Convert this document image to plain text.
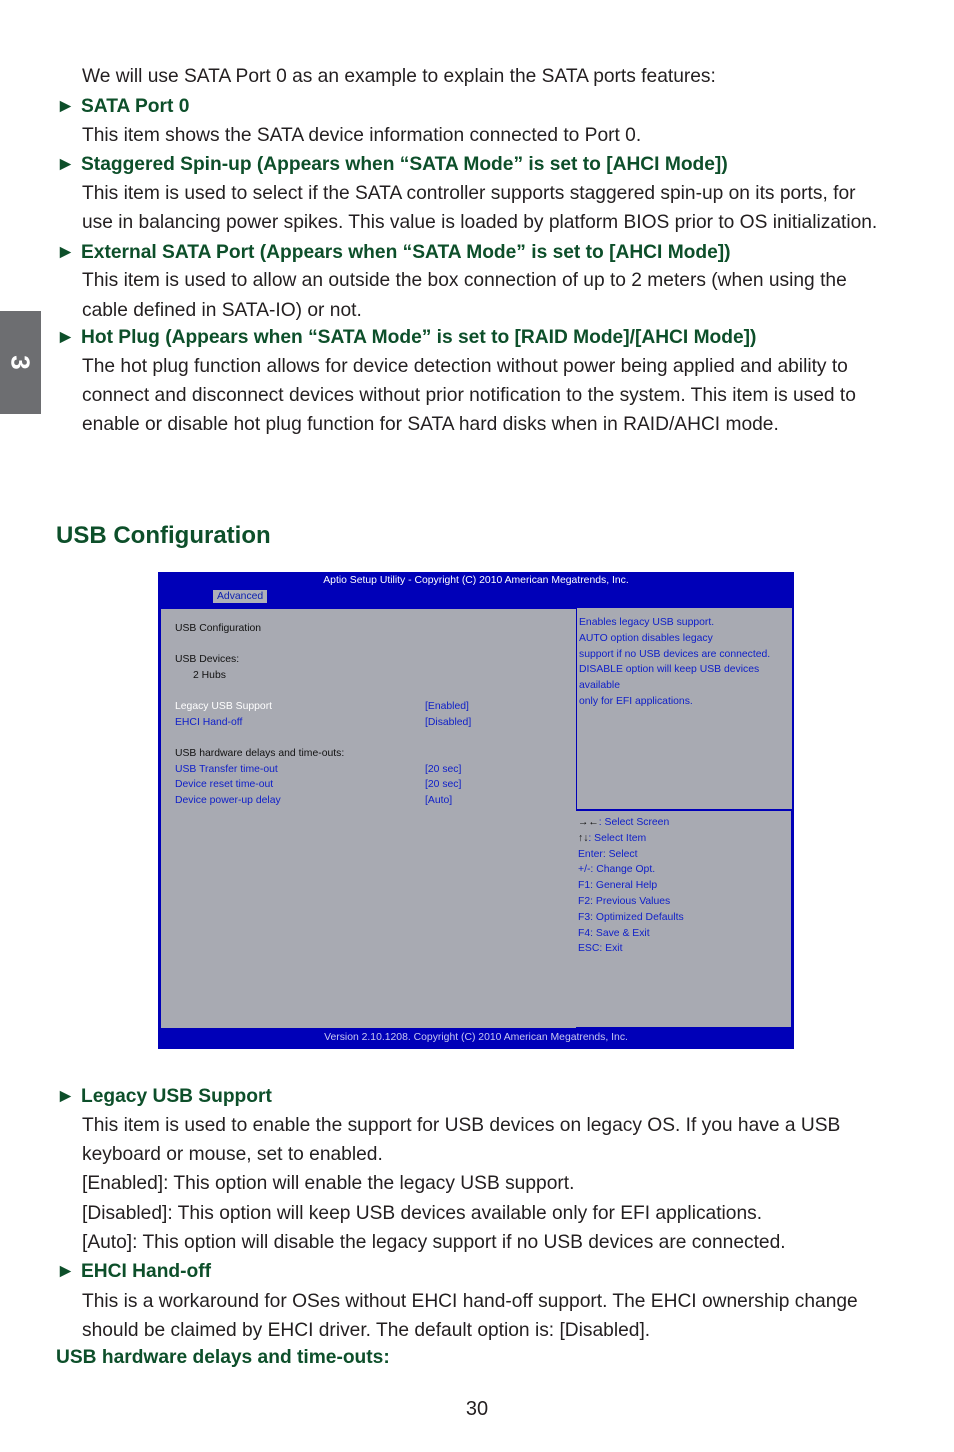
3

We will use SATA Port 0 as an example to explain the SATA ports features:

► SATA Port 0

This item shows the SATA device information connected to Port 0.

► Staggered Spin-up (Appears when “SATA Mode” is set to [AHCI Mode])

This item is used to select if the SATA controller supports staggered spin-up on its ports, for

use in balancing power spikes. This value is loaded by platform BIOS prior to OS initialization.

► External SATA Port (Appears when “SATA Mode” is set to [AHCI Mode])

This item is used to allow an outside the box connection of up to 2 meters (when using the

cable defined in SATA-IO) or not.

► Hot Plug (Appears when “SATA Mode” is set to [RAID Mode]/[AHCI Mode])

The hot plug function allows for device detection without power being applied and ability to

connect and disconnect devices without prior notification to the system. This item is used to

enable or disable hot plug function for SATA hard disks when in RAID/AHCI mode.

USB Configuration
Aptio Setup Utility - Copyright (C) 2010 American Megatrends, Inc.
Advanced
USB Configuration
USB Devices:
2 Hubs
Legacy USB Support	[Enabled]
EHCI Hand-off	[Disabled]
USB hardware delays and time-outs:
USB Transfer time-out	[20 sec]
Device reset time-out	[20 sec]
Device power-up delay	[Auto]
Enables legacy USB support.
AUTO option disables legacy
support if no USB devices are connected.
DISABLE option will keep USB devices
available
only for EFI applications.
→←: Select Screen
↑↓: Select Item
Enter: Select
+/-: Change Opt.
F1: General Help
F2: Previous Values
F3: Optimized Defaults
F4: Save & Exit
ESC: Exit
Version 2.10.1208. Copyright (C) 2010 American Megatrends, Inc.

► Legacy USB Support

This item is used to enable the support for USB devices on legacy OS. If you have a USB

keyboard or mouse, set to enabled.

[Enabled]: This option will enable the legacy USB support.

[Disabled]: This option will keep USB devices available only for EFI applications.

[Auto]: This option will disable the legacy support if no USB devices are connected.

► EHCI Hand-off

This is a workaround for OSes without EHCI hand-off support. The EHCI ownership change

should be claimed by EHCI driver. The default option is: [Disabled].

USB hardware delays and time-outs:

30
